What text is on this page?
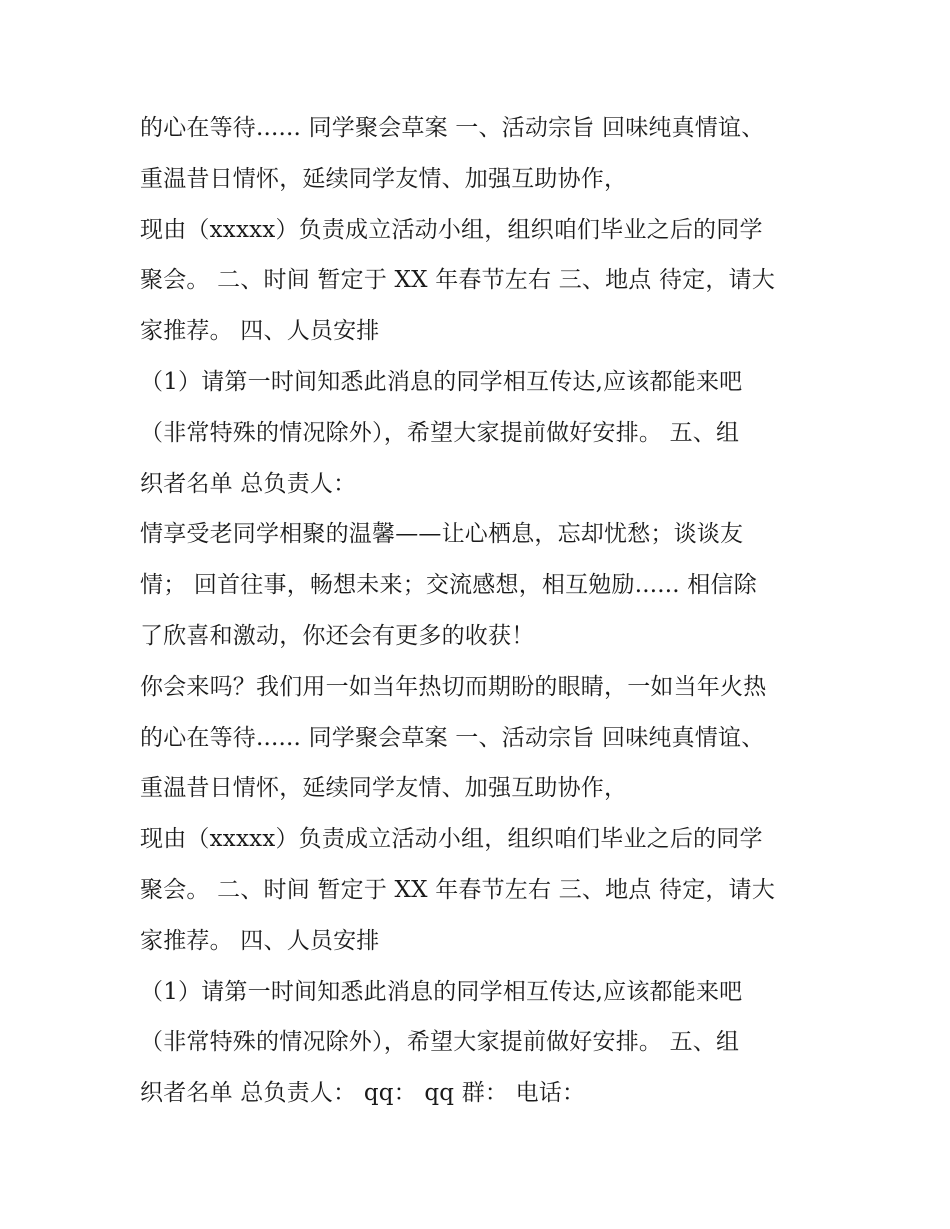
的心在等待...... 同学聚会草案 一、活动宗旨 回味纯真情谊、
重温昔日情怀，延续同学友情、加强互助协作，
现由（xxxxx）负责成立活动小组，组织咱们毕业之后的同学
聚会。 二、时间 暂定于 XX 年春节左右 三、地点 待定，请大
家推荐。 四、人员安排
（1）请第一时间知悉此消息的同学相互传达,应该都能来吧
（非常特殊的情况除外），希望大家提前做好安排。 五、组
织者名单 总负责人：
情享受老同学相聚的温馨——让心栖息，忘却忧愁；谈谈友
情； 回首往事，畅想未来；交流感想，相互勉励...... 相信除
了欣喜和激动，你还会有更多的收获！
你会来吗？我们用一如当年热切而期盼的眼睛，一如当年火热
的心在等待...... 同学聚会草案 一、活动宗旨 回味纯真情谊、
重温昔日情怀，延续同学友情、加强互助协作，
现由（xxxxx）负责成立活动小组，组织咱们毕业之后的同学
聚会。 二、时间 暂定于 XX 年春节左右 三、地点 待定，请大
家推荐。 四、人员安排
（1）请第一时间知悉此消息的同学相互传达,应该都能来吧
（非常特殊的情况除外），希望大家提前做好安排。 五、组
织者名单 总负责人： qq： qq 群： 电话：
